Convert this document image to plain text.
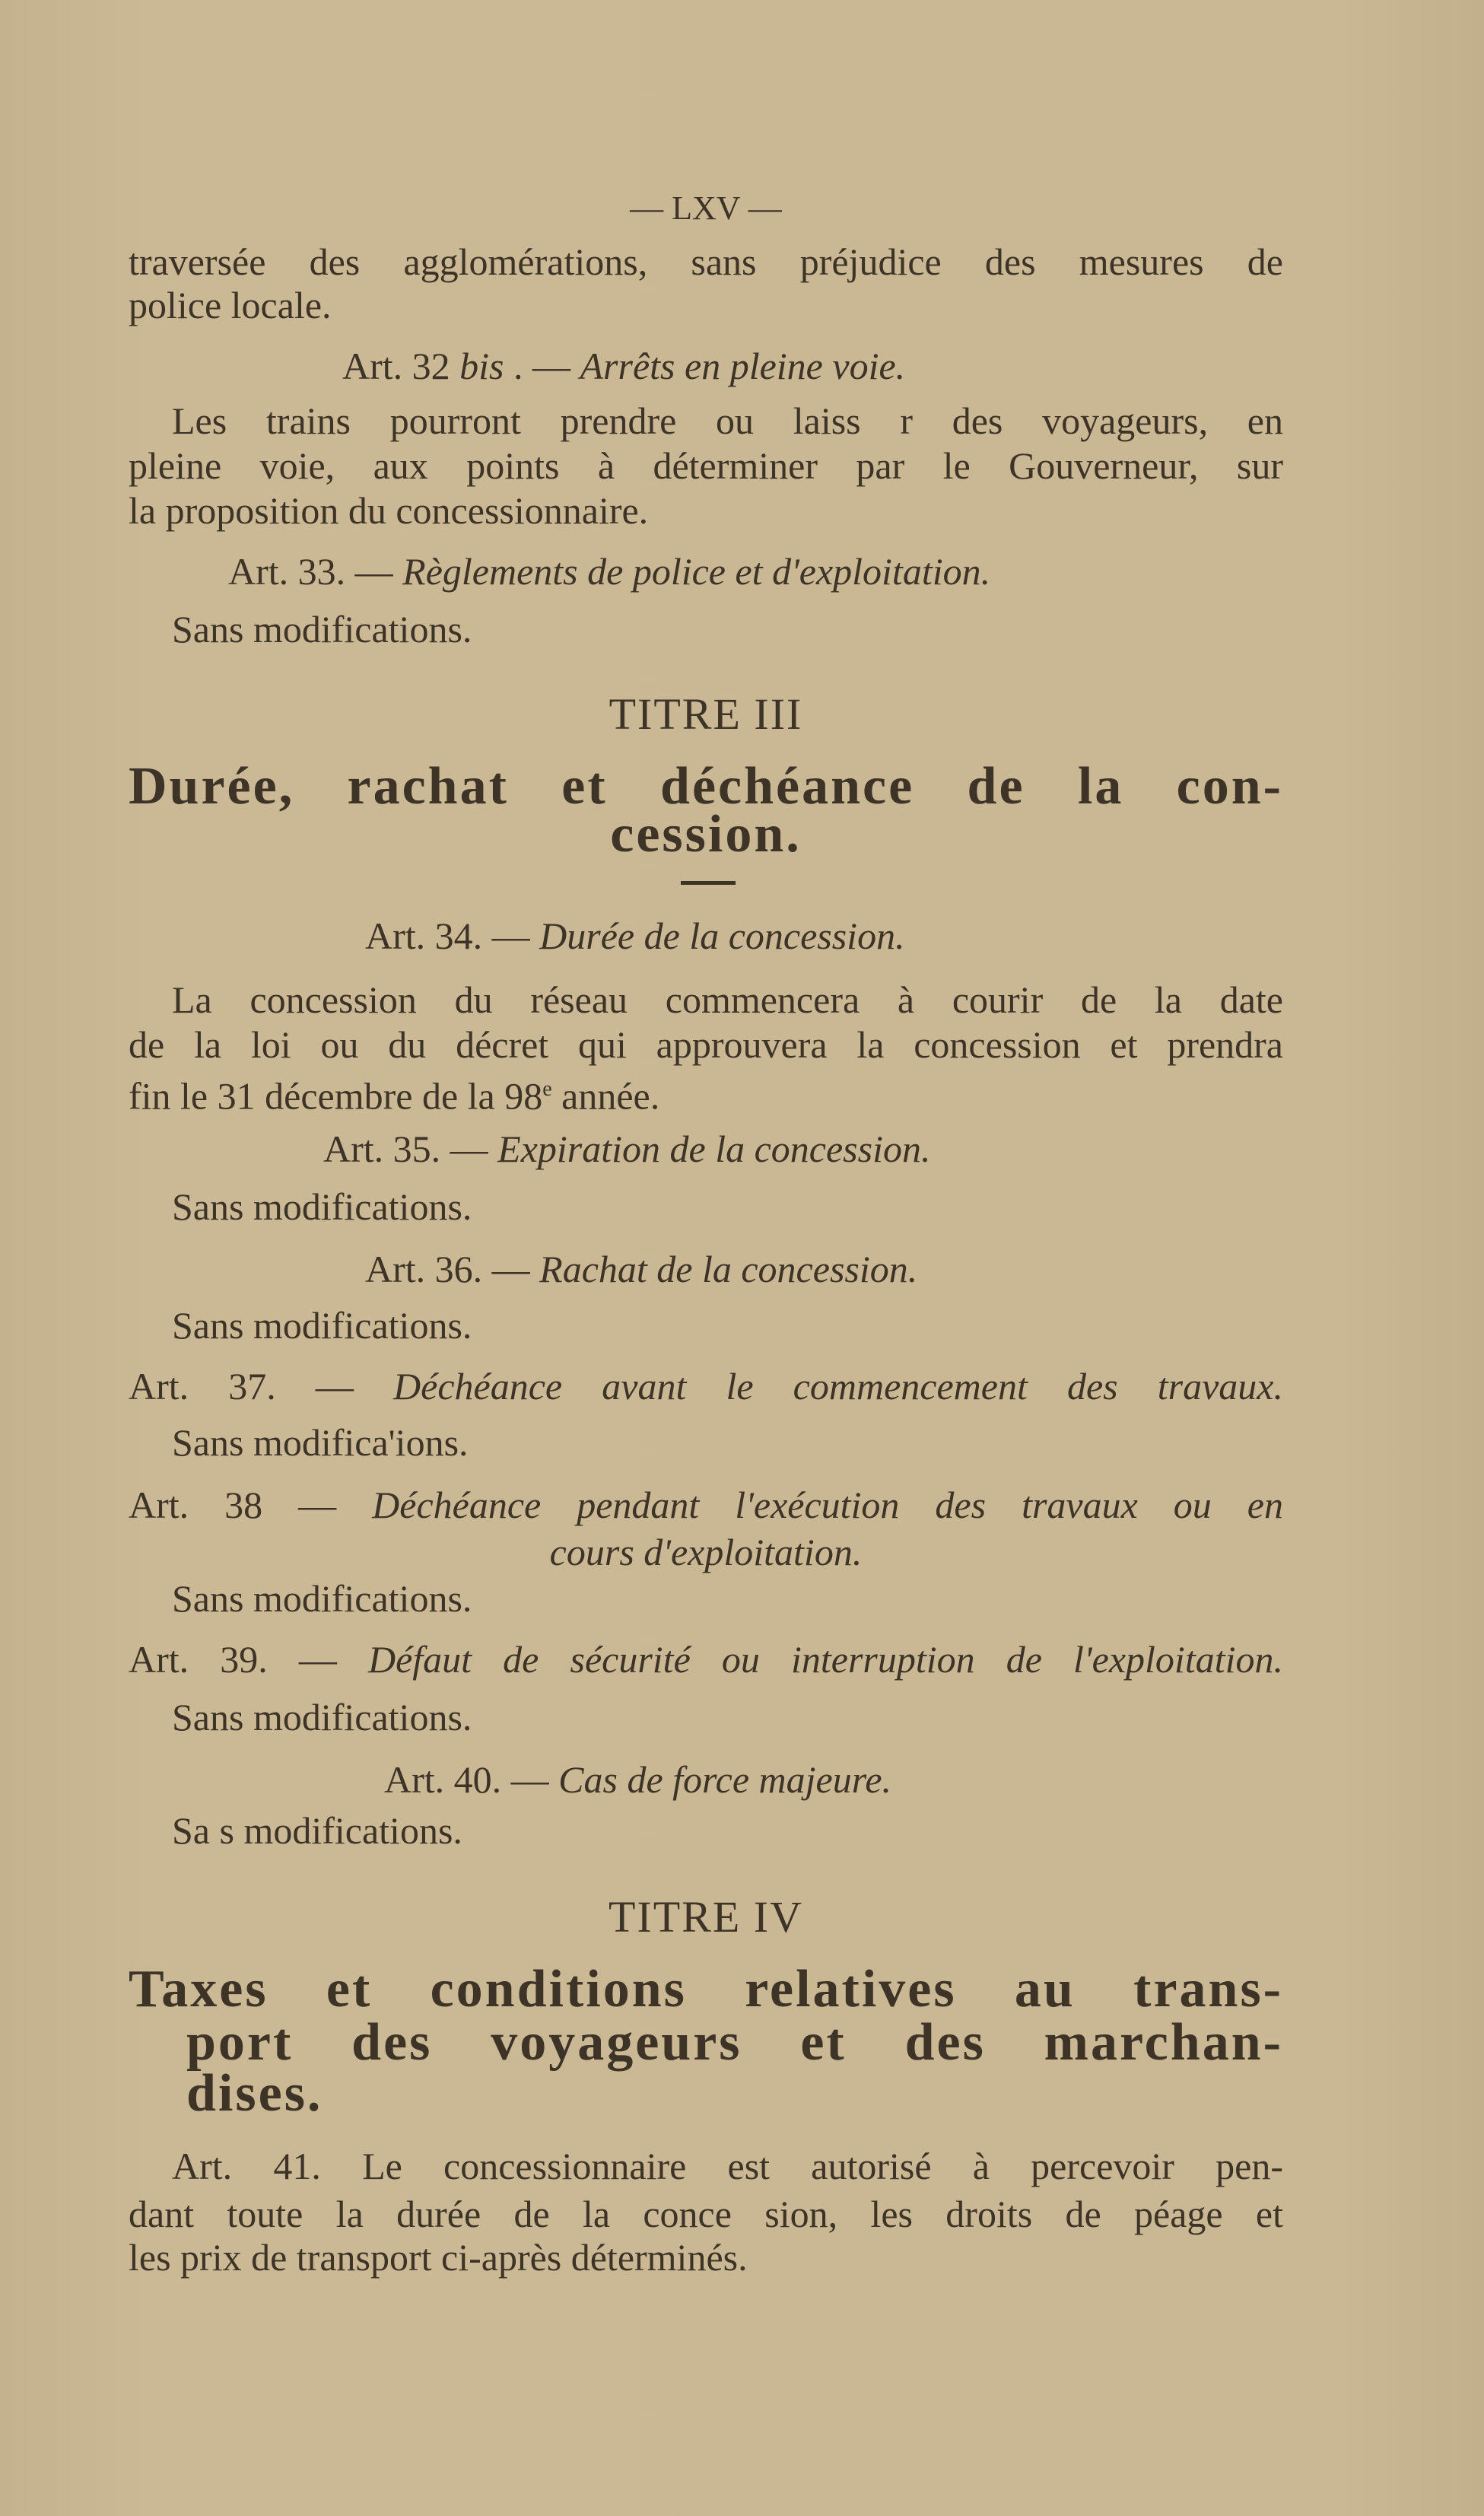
— LXV —
traversée des agglomérations, sans préjudice des mesures de
police locale.
Art. 32 bis . — Arrêts en pleine voie.
Les trains pourront prendre ou laiss r des voyageurs, en
pleine voie, aux points à déterminer par le Gouverneur, sur
la proposition du concessionnaire.
Art. 33. — Règlements de police et d'exploitation.
Sans modifications.
TITRE III
Durée, rachat et déchéance de la con-
cession.
Art. 34. — Durée de la concession.
La concession du réseau commencera à courir de la date
de la loi ou du décret qui approuvera la concession et prendra
fin le 31 décembre de la 98e année.
Art. 35. — Expiration de la concession.
Sans modifications.
Art. 36. — Rachat de la concession.
Sans modifications.
Art. 37. — Déchéance avant le commencement des travaux.
Sans modifica'ions.
Art. 38 — Déchéance pendant l'exécution des travaux ou en
cours d'exploitation.
Sans modifications.
Art. 39. — Défaut de sécurité ou interruption de l'exploitation.
Sans modifications.
Art. 40. — Cas de force majeure.
Sa s modifications.
TITRE IV
Taxes et conditions relatives au trans-
port des voyageurs et des marchan-
dises.
Art. 41. Le concessionnaire est autorisé à percevoir pen-
dant toute la durée de la conce sion, les droits de péage et
les prix de transport ci-après déterminés.
